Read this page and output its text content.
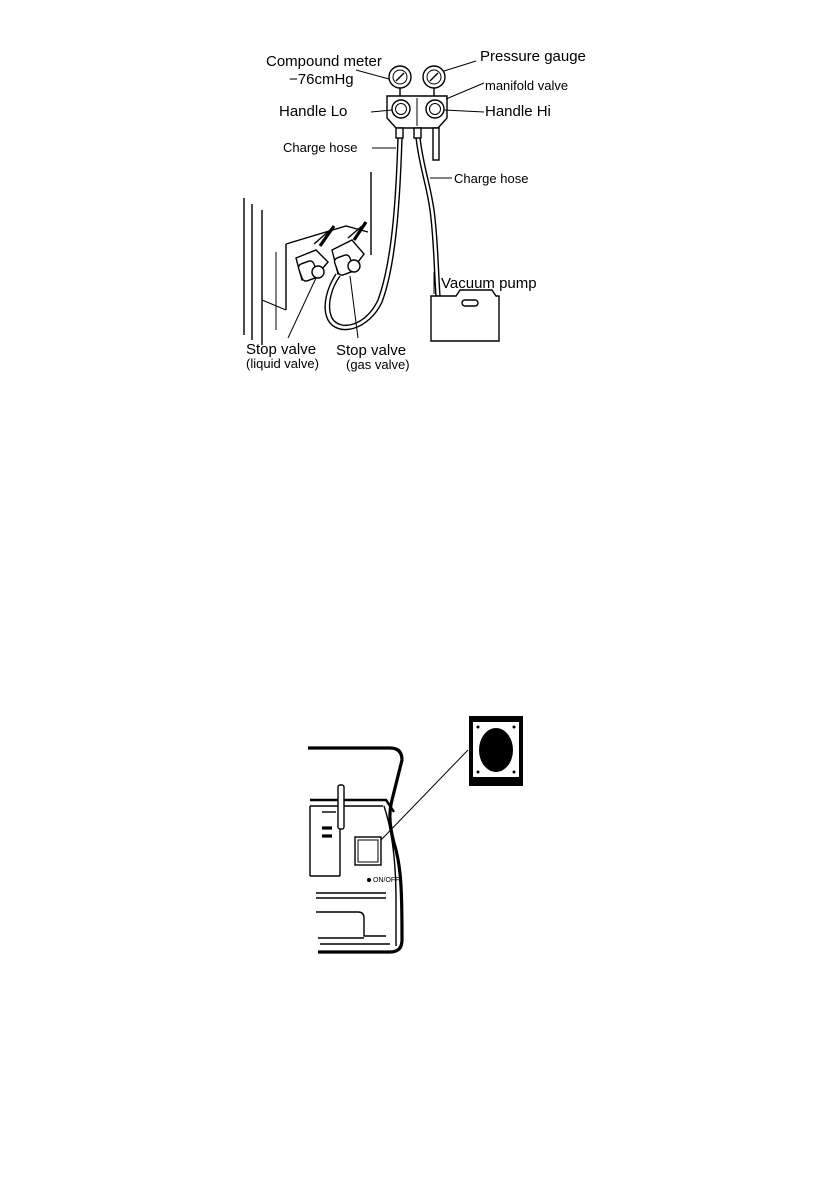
Compound meter
−76cmHg
Pressure gauge
manifold valve
Handle Lo	Handle Hi
Charge hose
Charge hose
Vacuum pump
Stop valve
(liquid valve)
Stop valve
(gas valve)
ON/OFF
